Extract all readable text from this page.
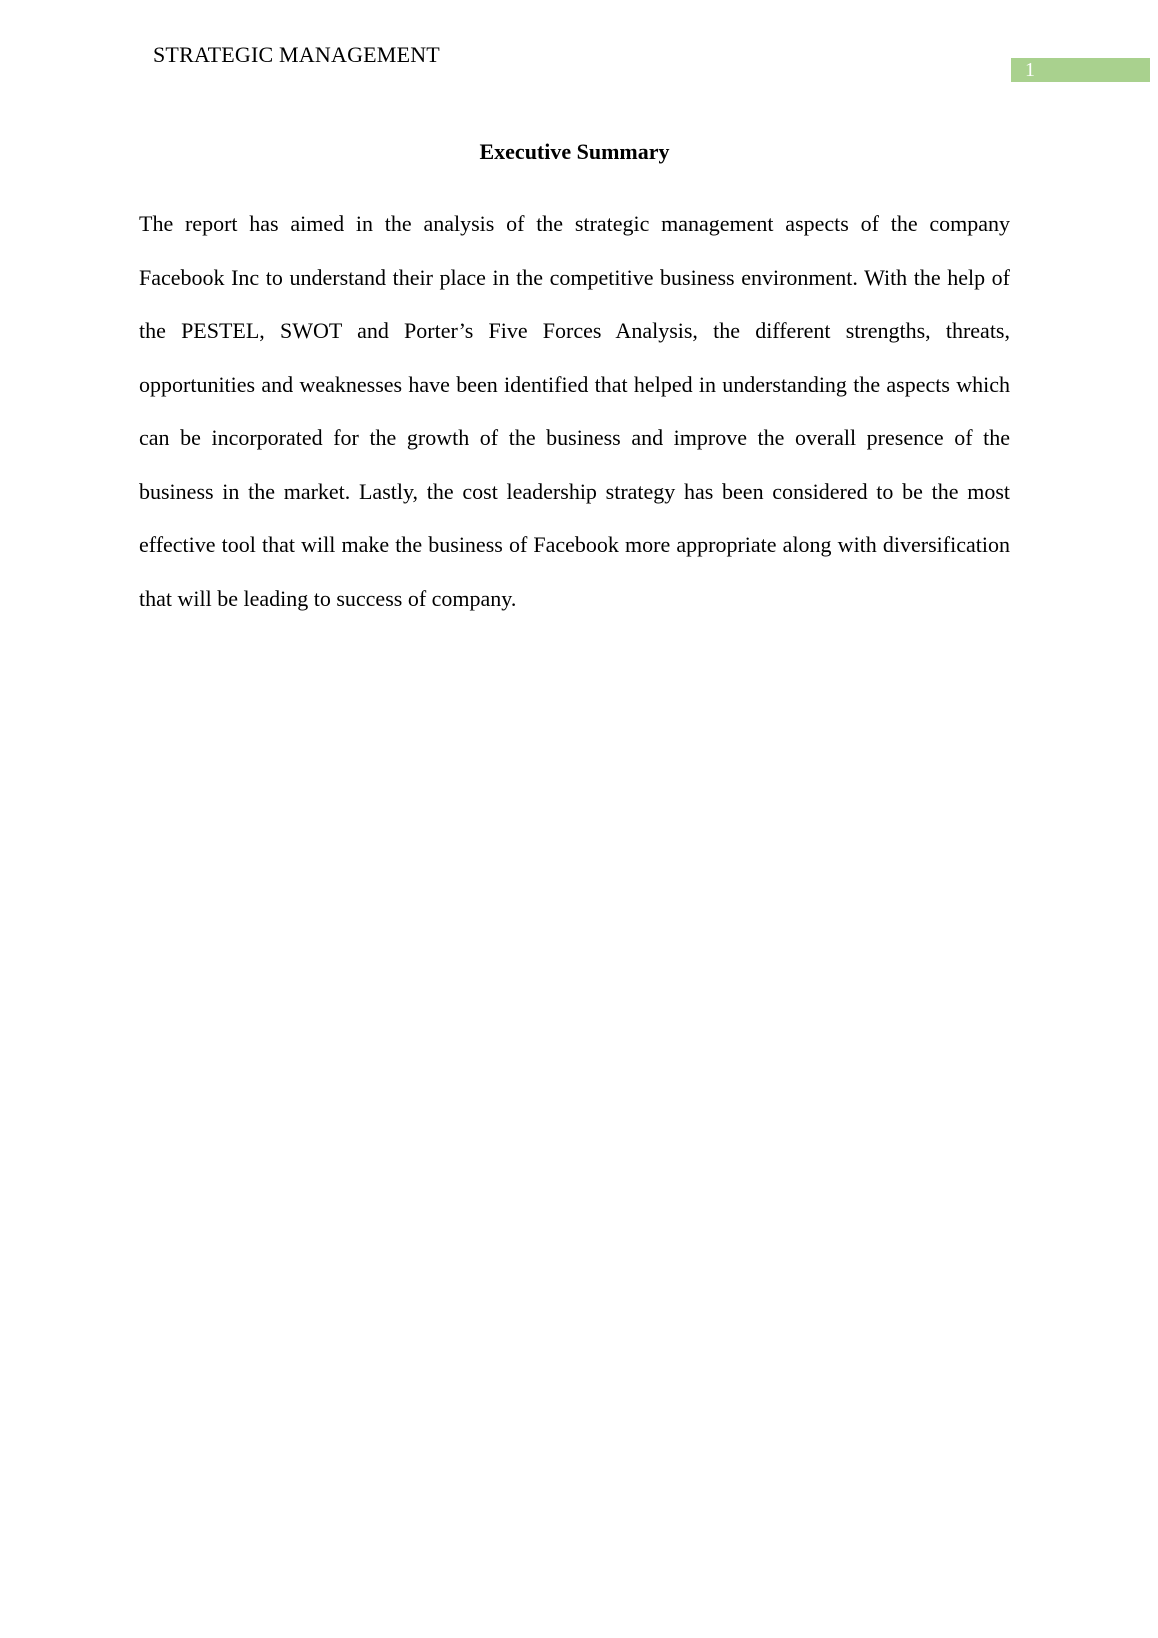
STRATEGIC MANAGEMENT
1
Executive Summary

The report has aimed in the analysis of the strategic management aspects of the company Facebook Inc to understand their place in the competitive business environment. With the help of the PESTEL, SWOT and Porter’s Five Forces Analysis, the different strengths, threats, opportunities and weaknesses have been identified that helped in understanding the aspects which can be incorporated for the growth of the business and improve the overall presence of the business in the market. Lastly, the cost leadership strategy has been considered to be the most effective tool that will make the business of Facebook more appropriate along with diversification that will be leading to success of company.
